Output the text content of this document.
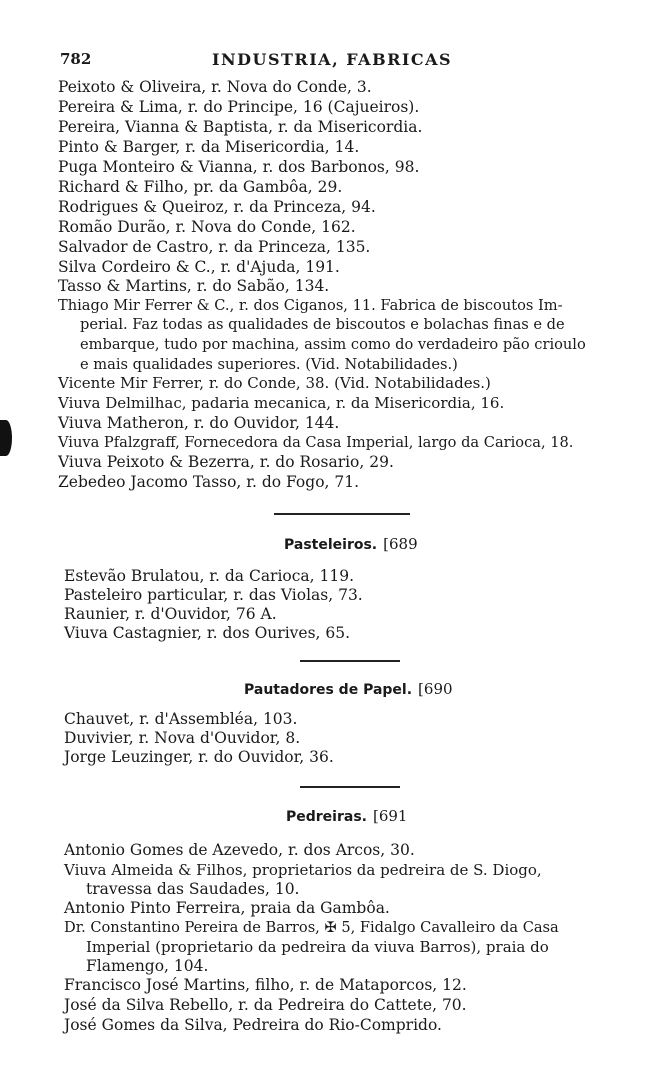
782	INDUSTRIA, FABRICAS
Peixoto & Oliveira, r. Nova do Conde, 3.
Pereira & Lima, r. do Principe, 16 (Cajueiros).
Pereira, Vianna & Baptista, r. da Misericordia.
Pinto & Barger, r. da Misericordia, 14.
Puga Monteiro & Vianna, r. dos Barbonos, 98.
Richard & Filho, pr. da Gambôa, 29.
Rodrigues & Queiroz, r. da Princeza, 94.
Romão Durão, r. Nova do Conde, 162.
Salvador de Castro, r. da Princeza, 135.
Silva Cordeiro & C., r. d'Ajuda, 191.
Tasso & Martins, r. do Sabão, 134.
Thiago Mir Ferrer & C., r. dos Ciganos, 11. Fabrica de biscoutos Im-
perial. Faz todas as qualidades de biscoutos e bolachas finas e de
embarque, tudo por machina, assim como do verdadeiro pão crioulo
e mais qualidades superiores. (Vid. Notabilidades.)
Vicente Mir Ferrer, r. do Conde, 38. (Vid. Notabilidades.)
Viuva Delmilhac, padaria mecanica, r. da Misericordia, 16.
Viuva Matheron, r. do Ouvidor, 144.
Viuva Pfalzgraff, Fornecedora da Casa Imperial, largo da Carioca, 18.
Viuva Peixoto & Bezerra, r. do Rosario, 29.
Zebedeo Jacomo Tasso, r. do Fogo, 71.
Pasteleiros. [689
Estevão Brulatou, r. da Carioca, 119.
Pasteleiro particular, r. das Violas, 73.
Raunier, r. d'Ouvidor, 76 A.
Viuva Castagnier, r. dos Ourives, 65.
Pautadores de Papel. [690
Chauvet, r. d'Assembléa, 103.
Duvivier, r. Nova d'Ouvidor, 8.
Jorge Leuzinger, r. do Ouvidor, 36.
Pedreiras. [691
Antonio Gomes de Azevedo, r. dos Arcos, 30.
Viuva Almeida & Filhos, proprietarios da pedreira de S. Diogo,
travessa das Saudades, 10.
Antonio Pinto Ferreira, praia da Gambôa.
Dr. Constantino Pereira de Barros, ✠ 5, Fidalgo Cavalleiro da Casa
Imperial (proprietario da pedreira da viuva Barros), praia do
Flamengo, 104.
Francisco José Martins, filho, r. de Mataporcos, 12.
José da Silva Rebello, r. da Pedreira do Cattete, 70.
José Gomes da Silva, Pedreira do Rio-Comprido.
